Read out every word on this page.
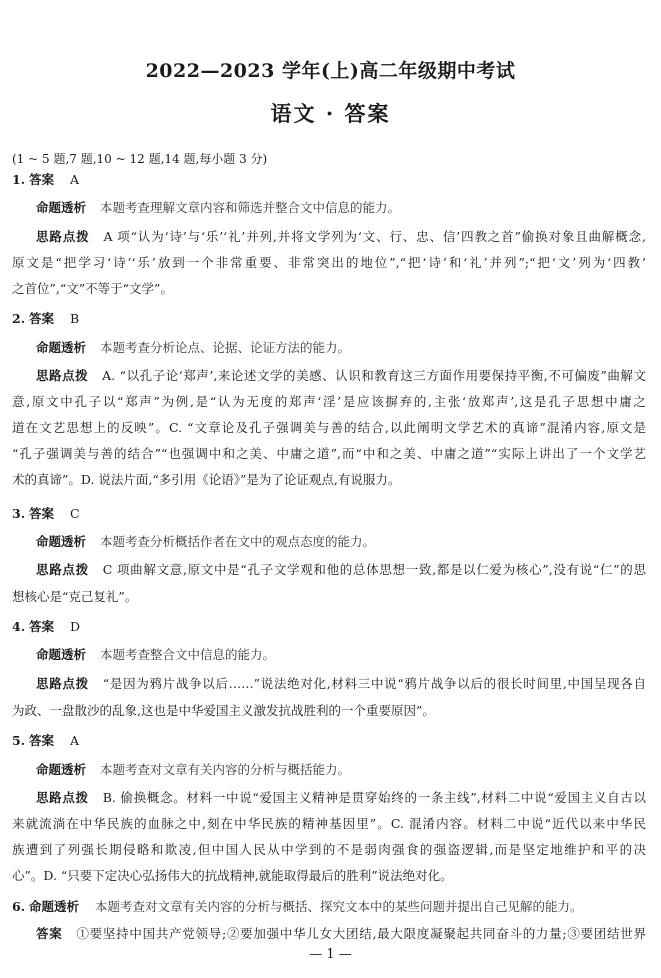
2022—2023 学年(上)高二年级期中考试
语文 · 答案
(1 ~ 5 题,7 题,10 ~ 12 题,14 题,每小题 3 分)
1. 答案 A
命题透析 本题考查理解文章内容和筛选并整合文中信息的能力。
思路点拨 A 项“认为‘诗’与‘乐’‘礼’并列,并将文学列为‘文、行、忠、信’四教之首”偷换对象且曲解概念,
原文是“把学习‘诗’‘乐’放到一个非常重要、非常突出的地位”,“把‘诗’和‘礼’并列”;“把‘文’列为‘四教’
之首位”,“文”不等于“文学”。
2. 答案 B
命题透析 本题考查分析论点、论据、论证方法的能力。
思路点拨 A. “以孔子论‘郑声’,来论述文学的美感、认识和教育这三方面作用要保持平衡,不可偏废”曲解文
意,原文中孔子以“郑声”为例,是“认为无度的郑声‘淫’是应该摒弃的,主张‘放郑声’,这是孔子思想中庸之
道在文艺思想上的反映”。C. “文章论及孔子强调美与善的结合,以此阐明文学艺术的真谛”混淆内容,原文是
“孔子强调美与善的结合”“也强调中和之美、中庸之道”,而“中和之美、中庸之道”“实际上讲出了一个文学艺
术的真谛”。D. 说法片面,“多引用《论语》”是为了论证观点,有说服力。
3. 答案 C
命题透析 本题考查分析概括作者在文中的观点态度的能力。
思路点拨 C 项曲解文意,原文中是“孔子文学观和他的总体思想一致,都是以仁爱为核心”,没有说“仁”的思
想核心是“克己复礼”。
4. 答案 D
命题透析 本题考查整合文中信息的能力。
思路点拨 “是因为鸦片战争以后……”说法绝对化,材料三中说“鸦片战争以后的很长时间里,中国呈现各自
为政、一盘散沙的乱象,这也是中华爱国主义激发抗战胜利的一个重要原因”。
5. 答案 A
命题透析 本题考查对文章有关内容的分析与概括能力。
思路点拨 B. 偷换概念。材料一中说“爱国主义精神是贯穿始终的一条主线”,材料二中说“爱国主义自古以
来就流淌在中华民族的血脉之中,刻在中华民族的精神基因里”。C. 混淆内容。材料二中说“近代以来中华民
族遭到了列强长期侵略和欺凌,但中国人民从中学到的不是弱肉强食的强盗逻辑,而是坚定地维护和平的决
心”。D. “只要下定决心弘扬伟大的抗战精神,就能取得最后的胜利”说法绝对化。
6. 命题透析 本题考查对文章有关内容的分析与概括、探究文本中的某些问题并提出自己见解的能力。
答案 ①要坚持中国共产党领导;②要加强中华儿女大团结,最大限度凝聚起共同奋斗的力量;③要团结世界
— 1 —
